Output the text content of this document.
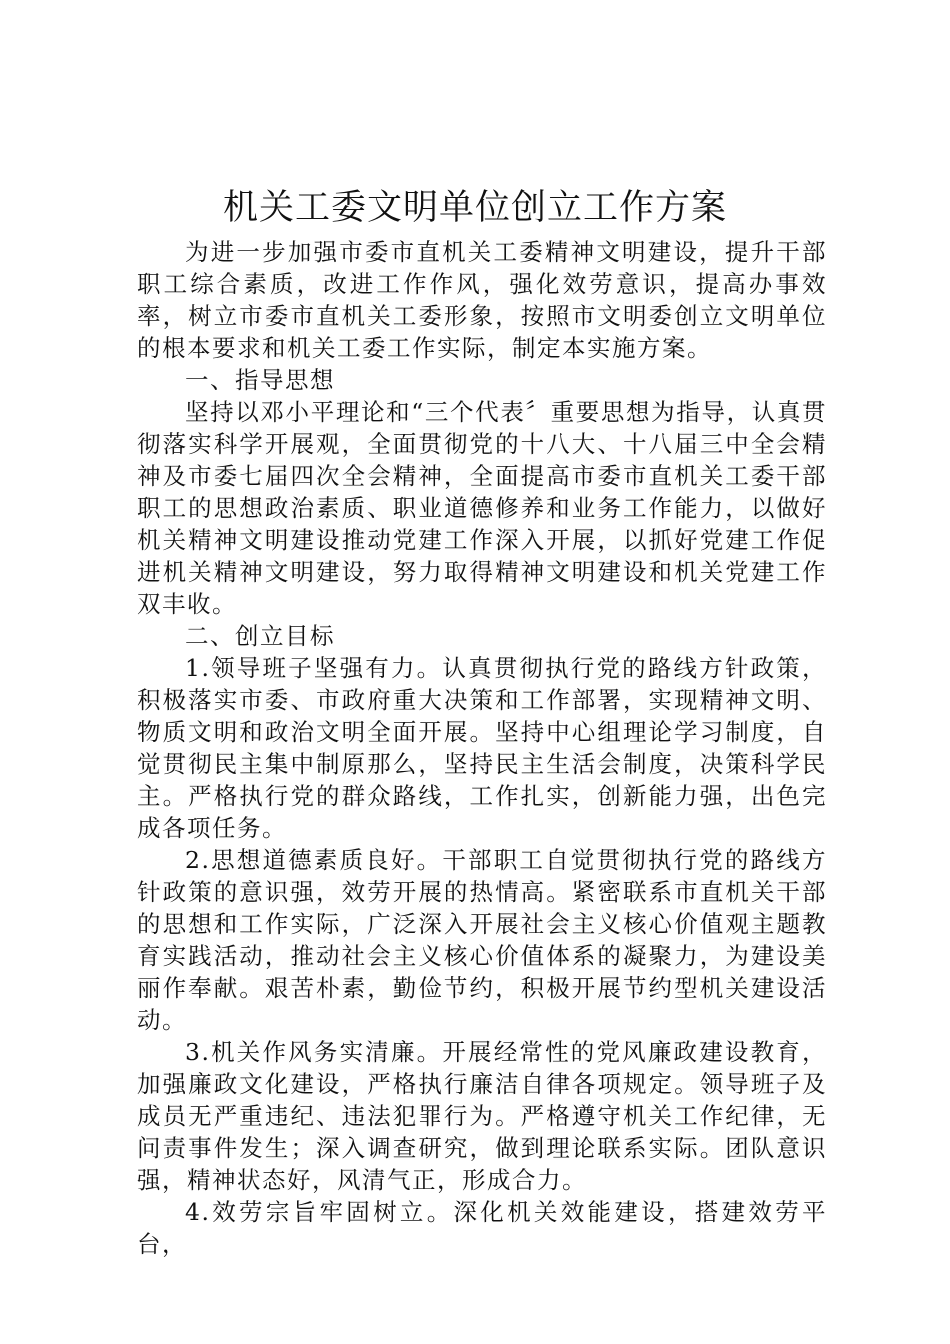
机关工委文明单位创立工作方案

为进一步加强市委市直机关工委精神文明建设，提升干部职工综合素质，改进工作作风，强化效劳意识，提高办事效率，树立市委市直机关工委形象，按照市文明委创立文明单位的根本要求和机关工委工作实际，制定本实施方案。

一、指导思想

坚持以邓小平理论和“三个代表〞重要思想为指导，认真贯彻落实科学开展观，全面贯彻党的十八大、十八届三中全会精神及市委七届四次全会精神，全面提高市委市直机关工委干部职工的思想政治素质、职业道德修养和业务工作能力，以做好机关精神文明建设推动党建工作深入开展，以抓好党建工作促进机关精神文明建设，努力取得精神文明建设和机关党建工作双丰收。

二、创立目标

1.领导班子坚强有力。认真贯彻执行党的路线方针政策，积极落实市委、市政府重大决策和工作部署，实现精神文明、物质文明和政治文明全面开展。坚持中心组理论学习制度，自觉贯彻民主集中制原那么，坚持民主生活会制度，决策科学民主。严格执行党的群众路线，工作扎实，创新能力强，出色完成各项任务。

2.思想道德素质良好。干部职工自觉贯彻执行党的路线方针政策的意识强，效劳开展的热情高。紧密联系市直机关干部的思想和工作实际，广泛深入开展社会主义核心价值观主题教育实践活动，推动社会主义核心价值体系的凝聚力，为建设美丽作奉献。艰苦朴素，勤俭节约，积极开展节约型机关建设活动。

3.机关作风务实清廉。开展经常性的党风廉政建设教育，加强廉政文化建设，严格执行廉洁自律各项规定。领导班子及成员无严重违纪、违法犯罪行为。严格遵守机关工作纪律，无问责事件发生；深入调查研究，做到理论联系实际。团队意识强，精神状态好，风清气正，形成合力。

4.效劳宗旨牢固树立。深化机关效能建设，搭建效劳平台，
